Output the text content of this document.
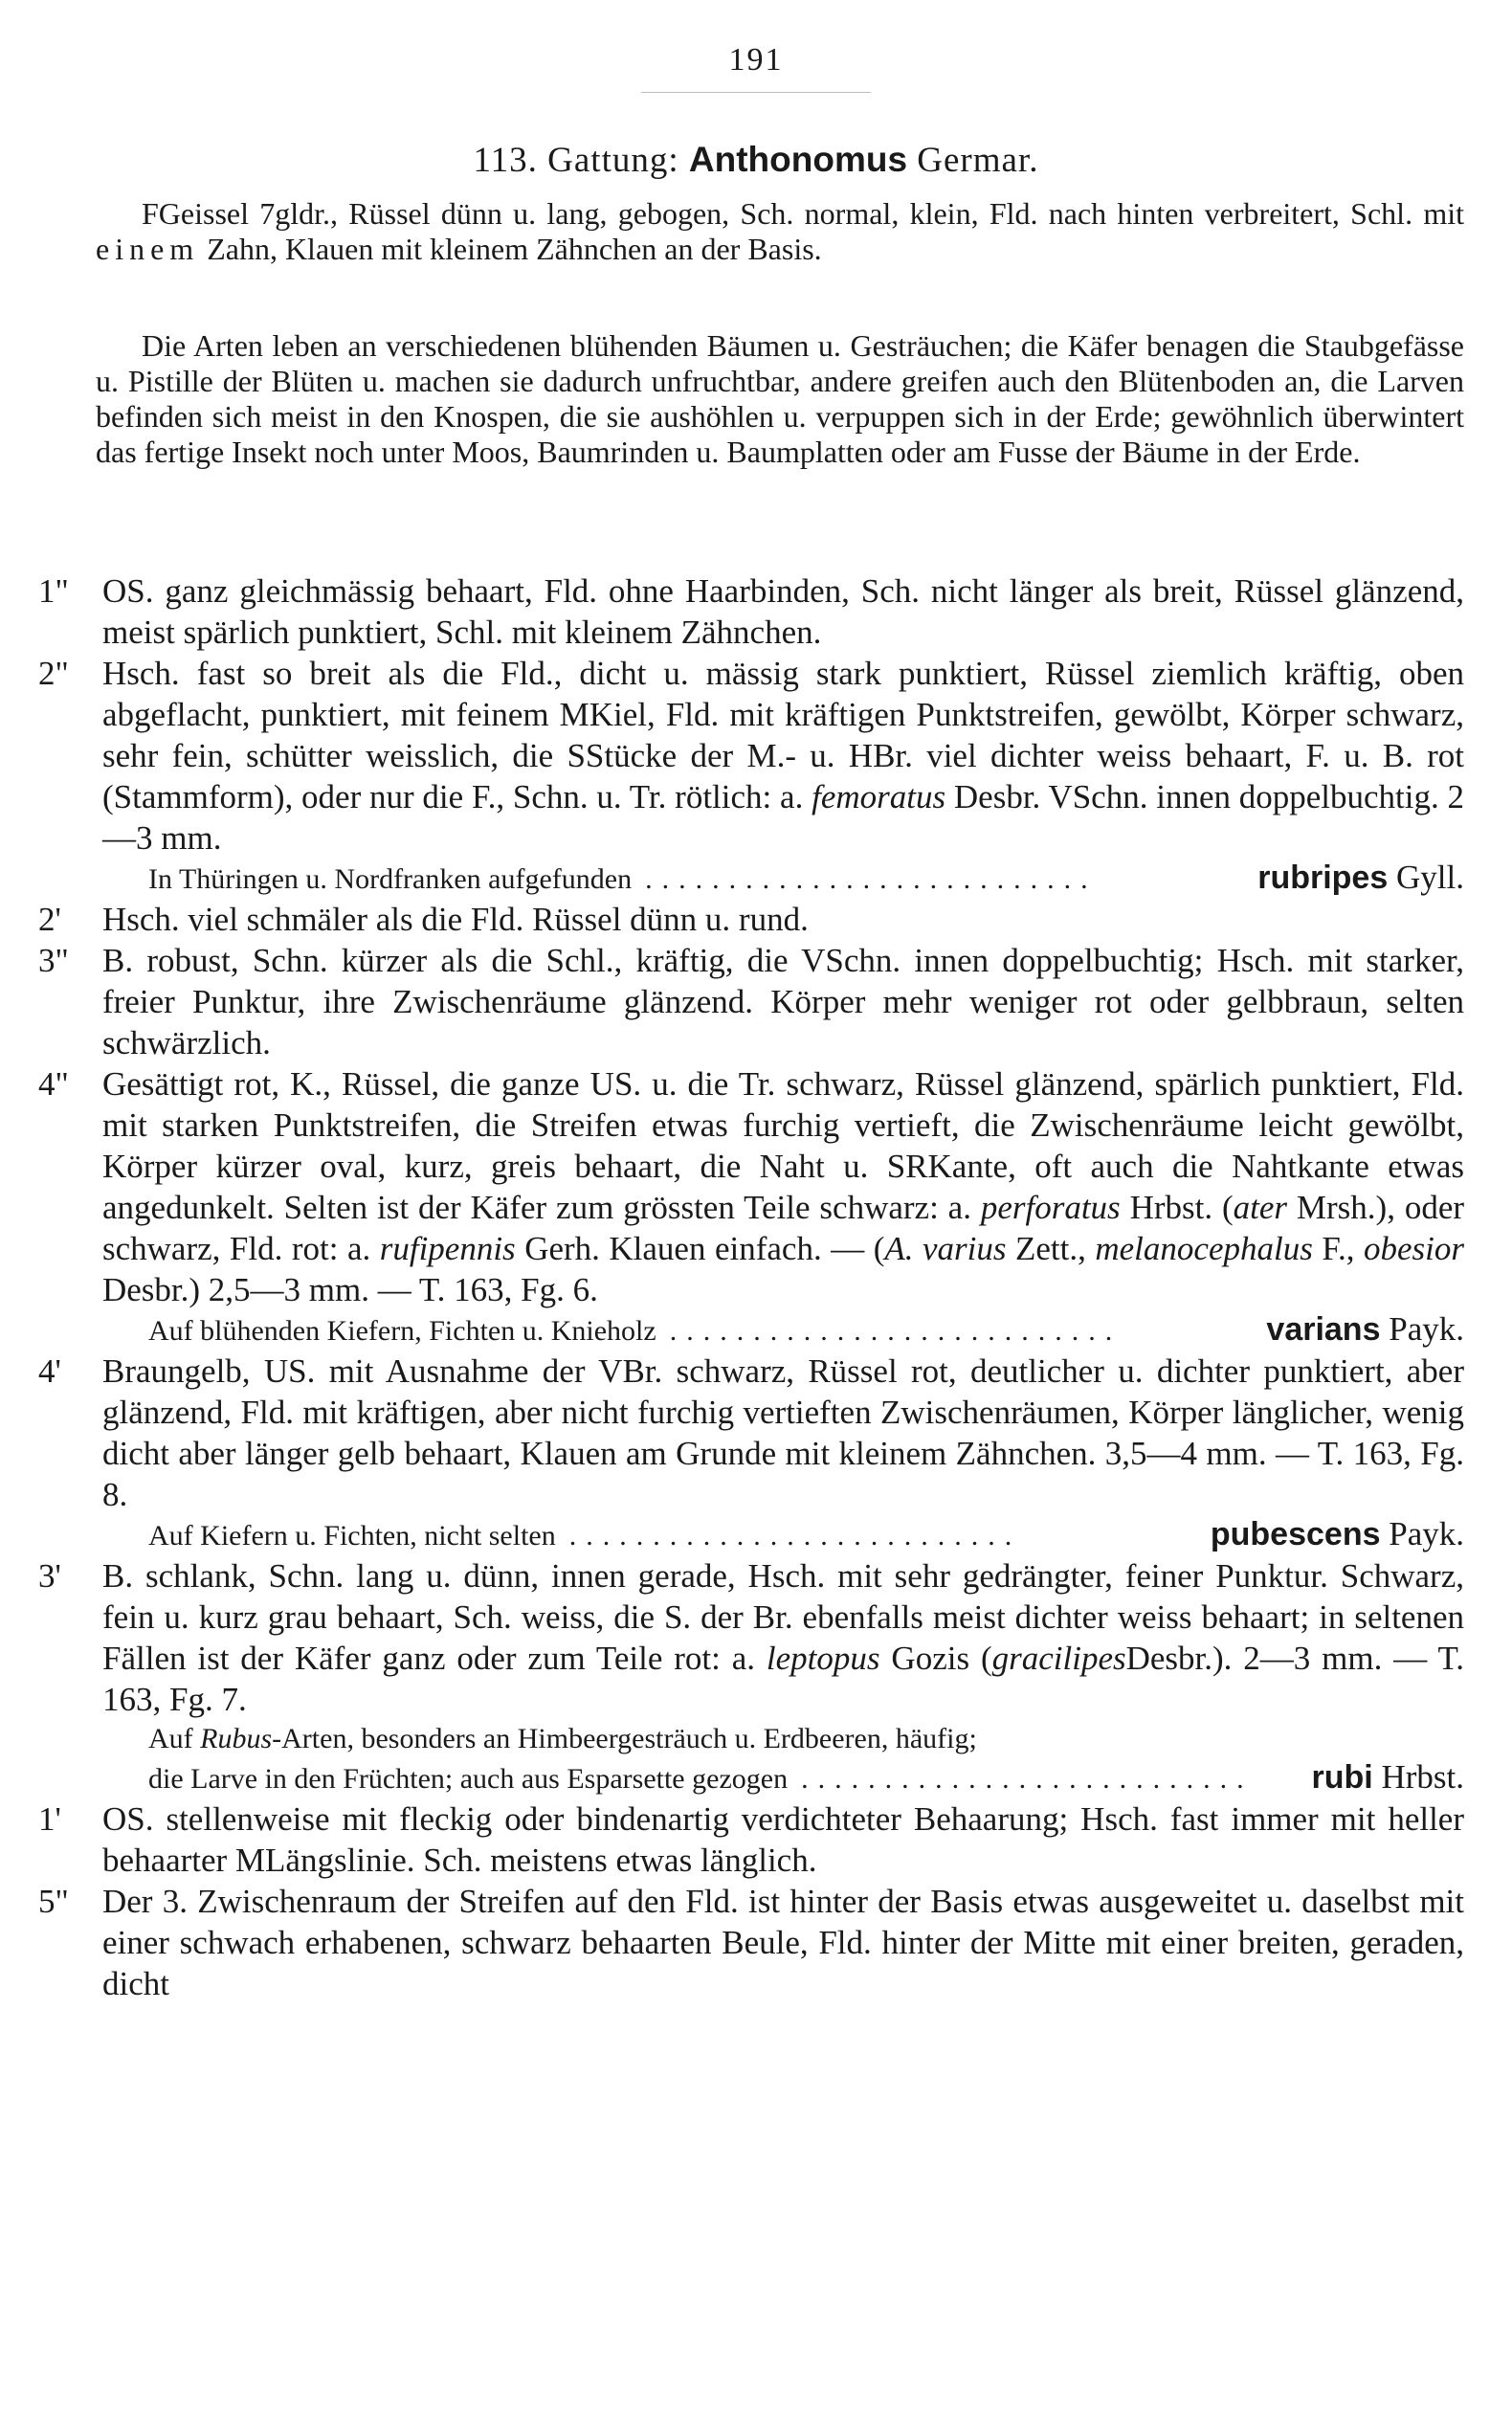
191
113. Gattung: Anthonomus Germar.

FGeissel 7gldr., Rüssel dünn u. lang, gebogen, Sch. normal, klein, Fld. nach hinten verbreitert, Schl. mit einem Zahn, Klauen mit kleinem Zähnchen an der Basis.

Die Arten leben an verschiedenen blühenden Bäumen u. Gesträuchen; die Käfer benagen die Staubgefässe u. Pistille der Blüten u. machen sie dadurch unfruchtbar, andere greifen auch den Blütenboden an, die Larven befinden sich meist in den Knospen, die sie aushöhlen u. verpuppen sich in der Erde; gewöhnlich überwintert das fertige Insekt noch unter Moos, Baumrinden u. Baumplatten oder am Fusse der Bäume in der Erde.

1" OS. ganz gleichmässig behaart, Fld. ohne Haarbinden, Sch. nicht länger als breit, Rüssel glänzend, meist spärlich punktiert, Schl. mit kleinem Zähnchen.

2" Hsch. fast so breit als die Fld., dicht u. mässig stark punktiert, Rüssel ziemlich kräftig, oben abgeflacht, punktiert, mit feinem MKiel, Fld. mit kräftigen Punktstreifen, gewölbt, Körper schwarz, sehr fein, schütter weisslich, die SStücke der M.- u. HBr. viel dichter weiss behaart, F. u. B. rot (Stammform), oder nur die F., Schn. u. Tr. rötlich: a. femoratus Desbr. VSchn. innen doppelbuchtig. 2—3 mm.

In Thüringen u. Nordfranken aufgefunden ...........................	rubripes Gyll.

2' Hsch. viel schmäler als die Fld. Rüssel dünn u. rund.

3" B. robust, Schn. kürzer als die Schl., kräftig, die VSchn. innen doppelbuchtig; Hsch. mit starker, freier Punktur, ihre Zwischenräume glänzend. Körper mehr weniger rot oder gelbbraun, selten schwärzlich.

4" Gesättigt rot, K., Rüssel, die ganze US. u. die Tr. schwarz, Rüssel glänzend, spärlich punktiert, Fld. mit starken Punktstreifen, die Streifen etwas furchig vertieft, die Zwischenräume leicht gewölbt, Körper kürzer oval, kurz, greis behaart, die Naht u. SRKante, oft auch die Nahtkante etwas angedunkelt. Selten ist der Käfer zum grössten Teile schwarz: a. perforatus Hrbst. (ater Mrsh.), oder schwarz, Fld. rot: a. rufipennis Gerh. Klauen einfach. — (A. varius Zett., melanocephalus F., obesior Desbr.) 2,5—3 mm. — T. 163, Fg. 6.

Auf blühenden Kiefern, Fichten u. Knieholz ...........................	varians Payk.

4' Braungelb, US. mit Ausnahme der VBr. schwarz, Rüssel rot, deutlicher u. dichter punktiert, aber glänzend, Fld. mit kräftigen, aber nicht furchig vertieften Zwischenräumen, Körper länglicher, wenig dicht aber länger gelb behaart, Klauen am Grunde mit kleinem Zähnchen. 3,5—4 mm. — T. 163, Fg. 8.

Auf Kiefern u. Fichten, nicht selten ...........................	pubescens Payk.

3' B. schlank, Schn. lang u. dünn, innen gerade, Hsch. mit sehr gedrängter, feiner Punktur. Schwarz, fein u. kurz grau behaart, Sch. weiss, die S. der Br. ebenfalls meist dichter weiss behaart; in seltenen Fällen ist der Käfer ganz oder zum Teile rot: a. leptopus Gozis (gracilipesDesbr.). 2—3 mm. — T. 163, Fg. 7.

Auf Rubus-Arten, besonders an Himbeergesträuch u. Erdbeeren, häufig;
die Larve in den Früchten; auch aus Esparsette gezogen ...........................	rubi Hrbst.

1' OS. stellenweise mit fleckig oder bindenartig verdichteter Behaarung; Hsch. fast immer mit heller behaarter MLängslinie. Sch. meistens etwas länglich.

5" Der 3. Zwischenraum der Streifen auf den Fld. ist hinter der Basis etwas ausgeweitet u. daselbst mit einer schwach erhabenen, schwarz behaarten Beule, Fld. hinter der Mitte mit einer breiten, geraden, dicht
